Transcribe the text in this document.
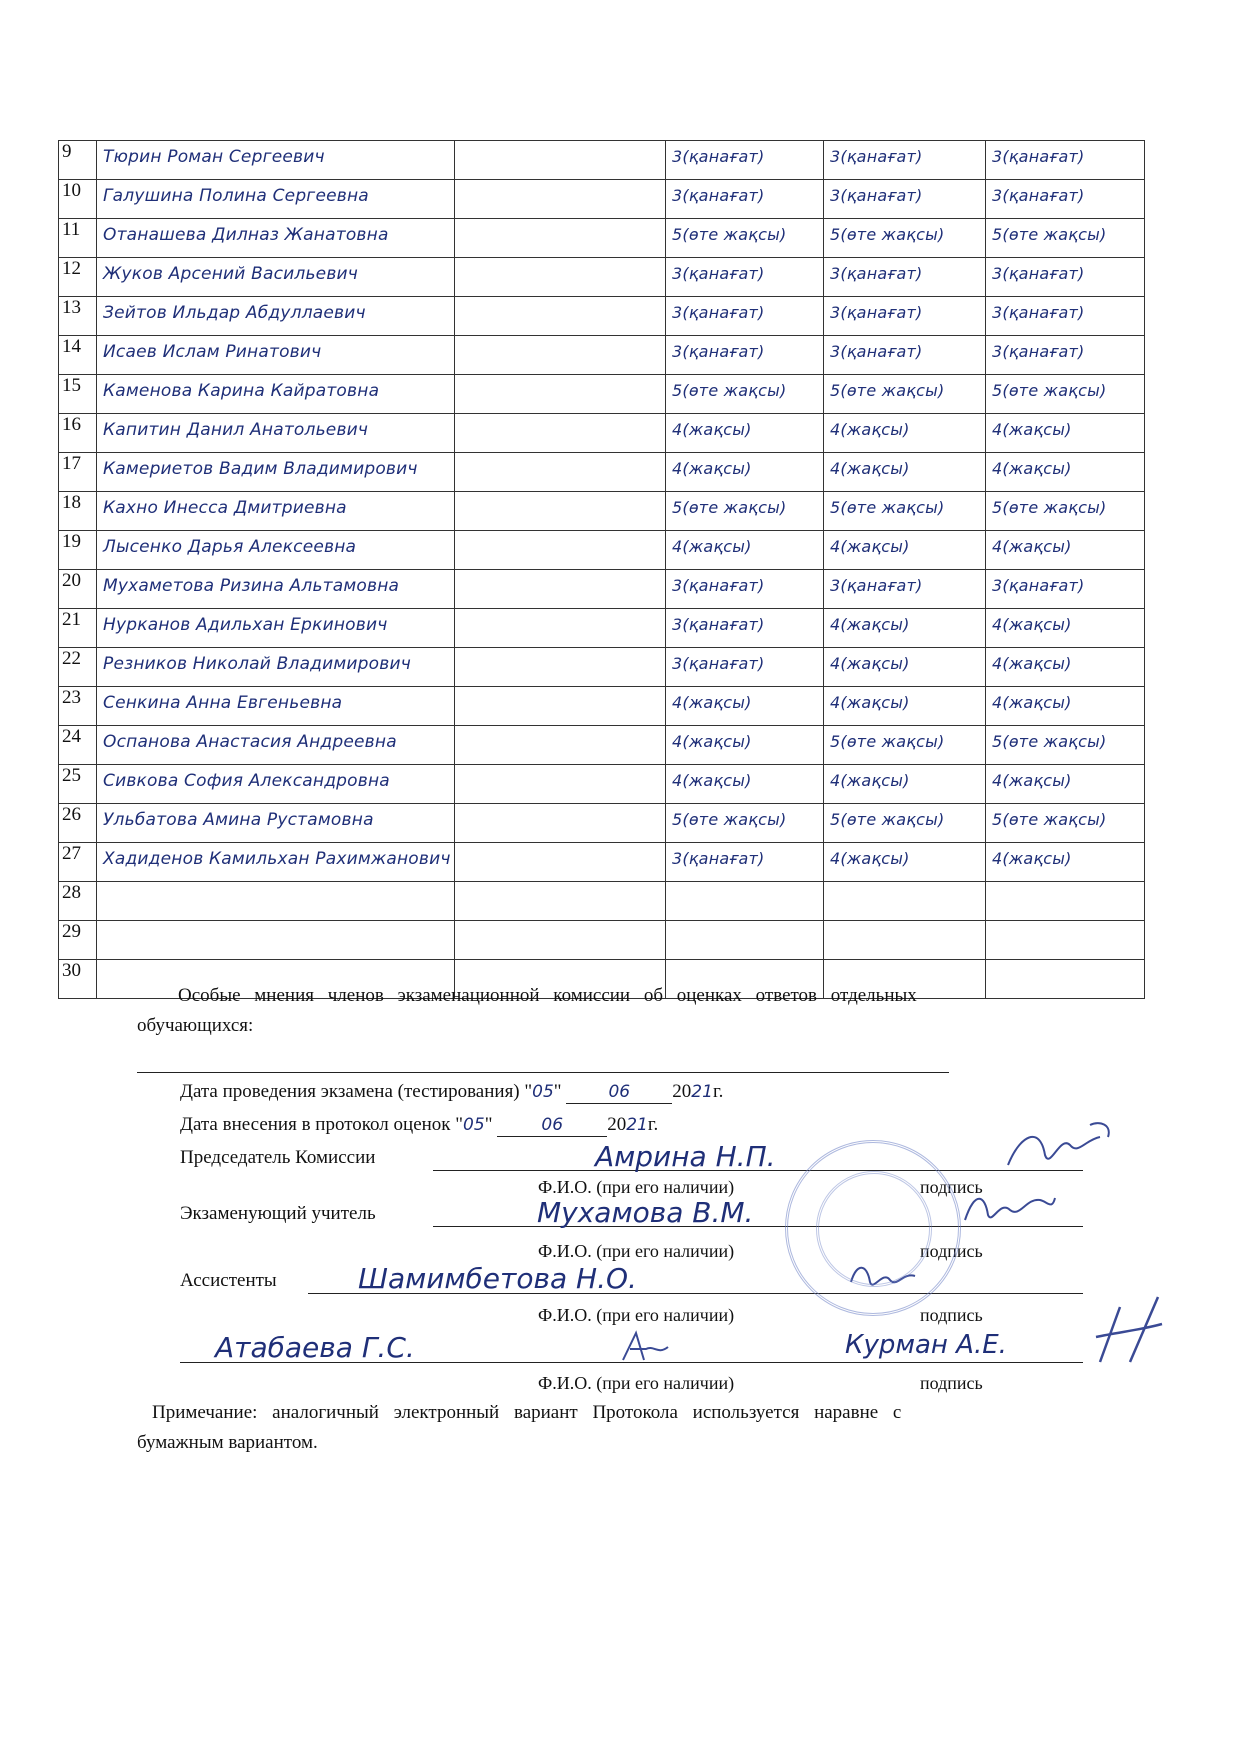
9	Тюрин Роман Сергеевич		3(қанағат)	3(қанағат)	3(қанағат)
10	Галушина Полина Сергеевна		3(қанағат)	3(қанағат)	3(қанағат)
11	Отанашева Дилназ Жанатовна		5(өте жақсы)	5(өте жақсы)	5(өте жақсы)
12	Жуков Арсений Васильевич		3(қанағат)	3(қанағат)	3(қанағат)
13	Зейтов Ильдар Абдуллаевич		3(қанағат)	3(қанағат)	3(қанағат)
14	Исаев Ислам Ринатович		3(қанағат)	3(қанағат)	3(қанағат)
15	Каменова Карина Кайратовна		5(өте жақсы)	5(өте жақсы)	5(өте жақсы)
16	Капитин Данил Анатольевич		4(жақсы)	4(жақсы)	4(жақсы)
17	Камериетов Вадим Владимирович		4(жақсы)	4(жақсы)	4(жақсы)
18	Кахно Инесса Дмитриевна		5(өте жақсы)	5(өте жақсы)	5(өте жақсы)
19	Лысенко Дарья Алексеевна		4(жақсы)	4(жақсы)	4(жақсы)
20	Мухаметова Ризина Альтамовна		3(қанағат)	3(қанағат)	3(қанағат)
21	Нурканов Адильхан Еркинович		3(қанағат)	4(жақсы)	4(жақсы)
22	Резников Николай Владимирович		3(қанағат)	4(жақсы)	4(жақсы)
23	Сенкина Анна Евгеньевна		4(жақсы)	4(жақсы)	4(жақсы)
24	Оспанова Анастасия Андреевна		4(жақсы)	5(өте жақсы)	5(өте жақсы)
25	Сивкова София Александровна		4(жақсы)	4(жақсы)	4(жақсы)
26	Ульбатова Амина Рустамовна		5(өте жақсы)	5(өте жақсы)	5(өте жақсы)
27	Хадиденов Камильхан Рахимжанович		3(қанағат)	4(жақсы)	4(жақсы)
28					
29					
30					
Особые мнения членов экзаменационной комиссии об оценках ответов отдельных
обучающихся:
Дата проведения экзамена (тестирования) "05"	06 2021г.
Дата внесения в протокол оценок "05"	06 2021г.
Председатель Комиссии	Амрина Н.П.
Ф.И.О. (при его наличии)	подпись
Экзаменующий учитель	Мухамова В.М.
Ф.И.О. (при его наличии)	подпись
Ассистенты	Шамимбетова Н.О.
Ф.И.О. (при его наличии)	подпись
Атабаева Г.С.	Курман А.Е.
Ф.И.О. (при его наличии)	подпись
Примечание: аналогичный электронный вариант Протокола используется наравне с
бумажным вариантом.
